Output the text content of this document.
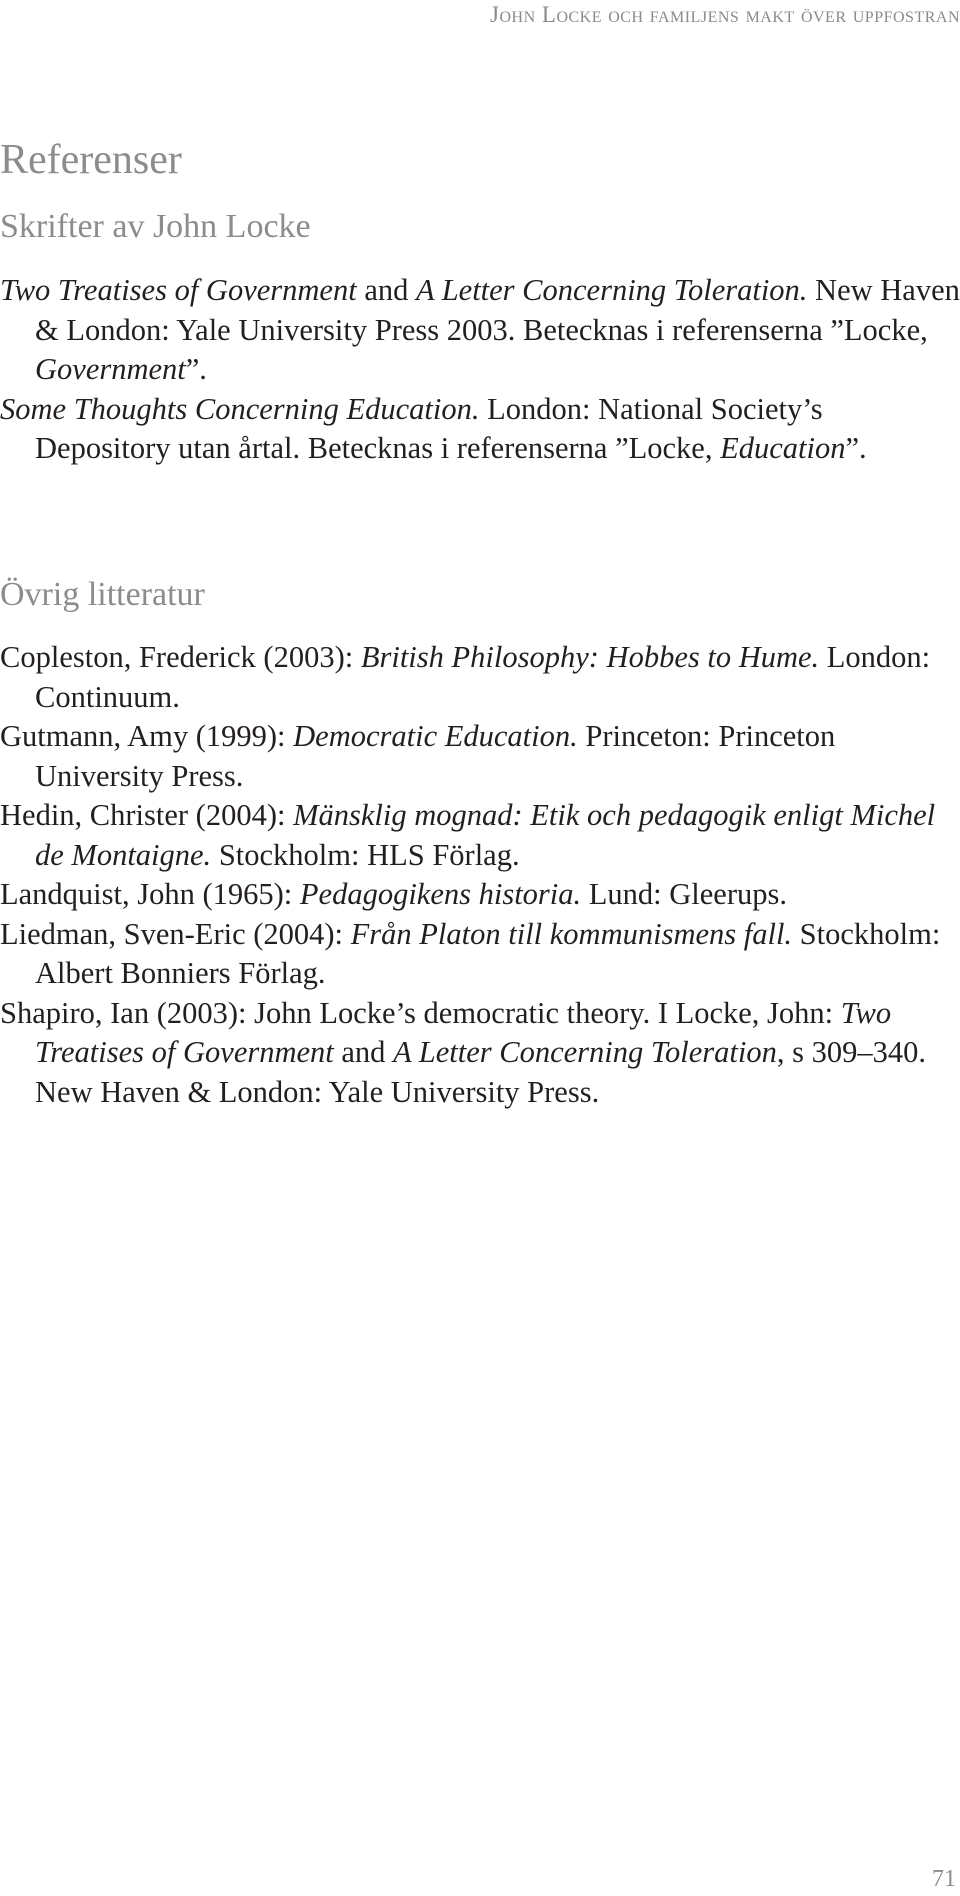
John Locke och familjens makt över uppfostran
Referenser
Skrifter av John Locke
Two Treatises of Government and A Letter Concerning Toleration. New Haven & London: Yale University Press 2003. Betecknas i referenserna ”Locke, Government”.
Some Thoughts Concerning Education. London: National Society’s Depository utan årtal. Betecknas i referenserna ”Locke, Education”.
Övrig litteratur
Copleston, Frederick (2003): British Philosophy: Hobbes to Hume. London: Continuum.
Gutmann, Amy (1999): Democratic Education. Princeton: Princeton University Press.
Hedin, Christer (2004): Mänsklig mognad: Etik och pedagogik enligt Michel de Montaigne. Stockholm: HLS Förlag.
Landquist, John (1965): Pedagogikens historia. Lund: Gleerups.
Liedman, Sven-Eric (2004): Från Platon till kommunismens fall. Stockholm: Albert Bonniers Förlag.
Shapiro, Ian (2003): John Locke’s democratic theory. I Locke, John: Two Treatises of Government and A Letter Concerning Toleration, s 309–340. New Haven & London: Yale University Press.
71
